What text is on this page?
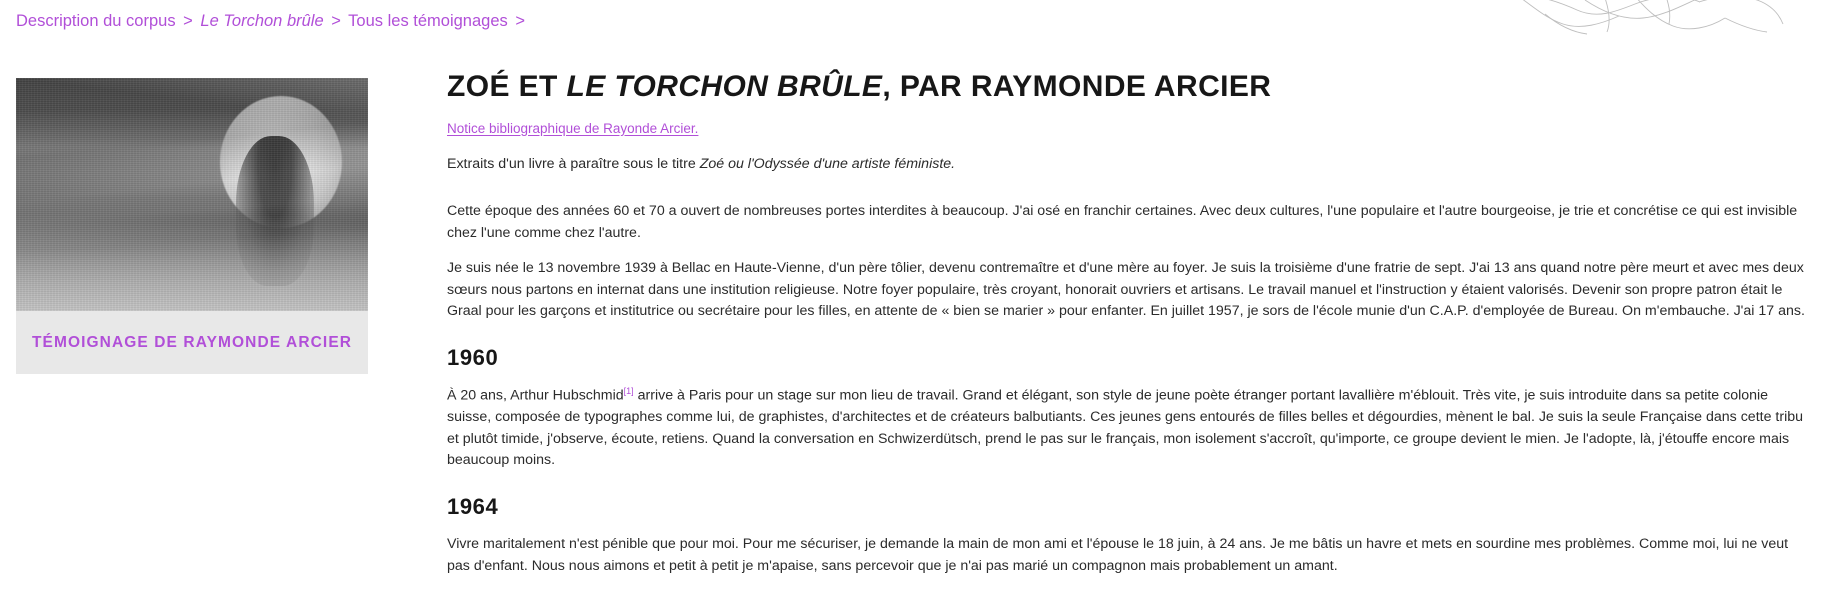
Description du corpus > Le Torchon brûle > Tous les témoignages >
TÉMOIGNAGE DE RAYMONDE ARCIER
ZOÉ ET LE TORCHON BRÛLE, PAR RAYMONDE ARCIER
Notice bibliographique de Rayonde Arcier.

Extraits d'un livre à paraître sous le titre Zoé ou l'Odyssée d'une artiste féministe.

Cette époque des années 60 et 70 a ouvert de nombreuses portes interdites à beaucoup. J'ai osé en franchir certaines. Avec deux cultures, l'une populaire et l'autre bourgeoise, je trie et concrétise ce qui est invisible chez l'une comme chez l'autre.

Je suis née le 13 novembre 1939 à Bellac en Haute-Vienne, d'un père tôlier, devenu contremaître et d'une mère au foyer. Je suis la troisième d'une fratrie de sept. J'ai 13 ans quand notre père meurt et avec mes deux sœurs nous partons en internat dans une institution religieuse. Notre foyer populaire, très croyant, honorait ouvriers et artisans. Le travail manuel et l'instruction y étaient valorisés. Devenir son propre patron était le Graal pour les garçons et institutrice ou secrétaire pour les filles, en attente de « bien se marier » pour enfanter. En juillet 1957, je sors de l'école munie d'un C.A.P. d'employée de Bureau. On m'embauche. J'ai 17 ans.

1960

À 20 ans, Arthur Hubschmid[1] arrive à Paris pour un stage sur mon lieu de travail. Grand et élégant, son style de jeune poète étranger portant lavallière m'éblouit. Très vite, je suis introduite dans sa petite colonie suisse, composée de typographes comme lui, de graphistes, d'architectes et de créateurs balbutiants. Ces jeunes gens entourés de filles belles et dégourdies, mènent le bal. Je suis la seule Française dans cette tribu et plutôt timide, j'observe, écoute, retiens. Quand la conversation en Schwizerdütsch, prend le pas sur le français, mon isolement s'accroît, qu'importe, ce groupe devient le mien. Je l'adopte, là, j'étouffe encore mais beaucoup moins.

1964

Vivre maritalement n'est pénible que pour moi. Pour me sécuriser, je demande la main de mon ami et l'épouse le 18 juin, à 24 ans. Je me bâtis un havre et mets en sourdine mes problèmes. Comme moi, lui ne veut pas d'enfant. Nous nous aimons et petit à petit je m'apaise, sans percevoir que je n'ai pas marié un compagnon mais probablement un amant.
